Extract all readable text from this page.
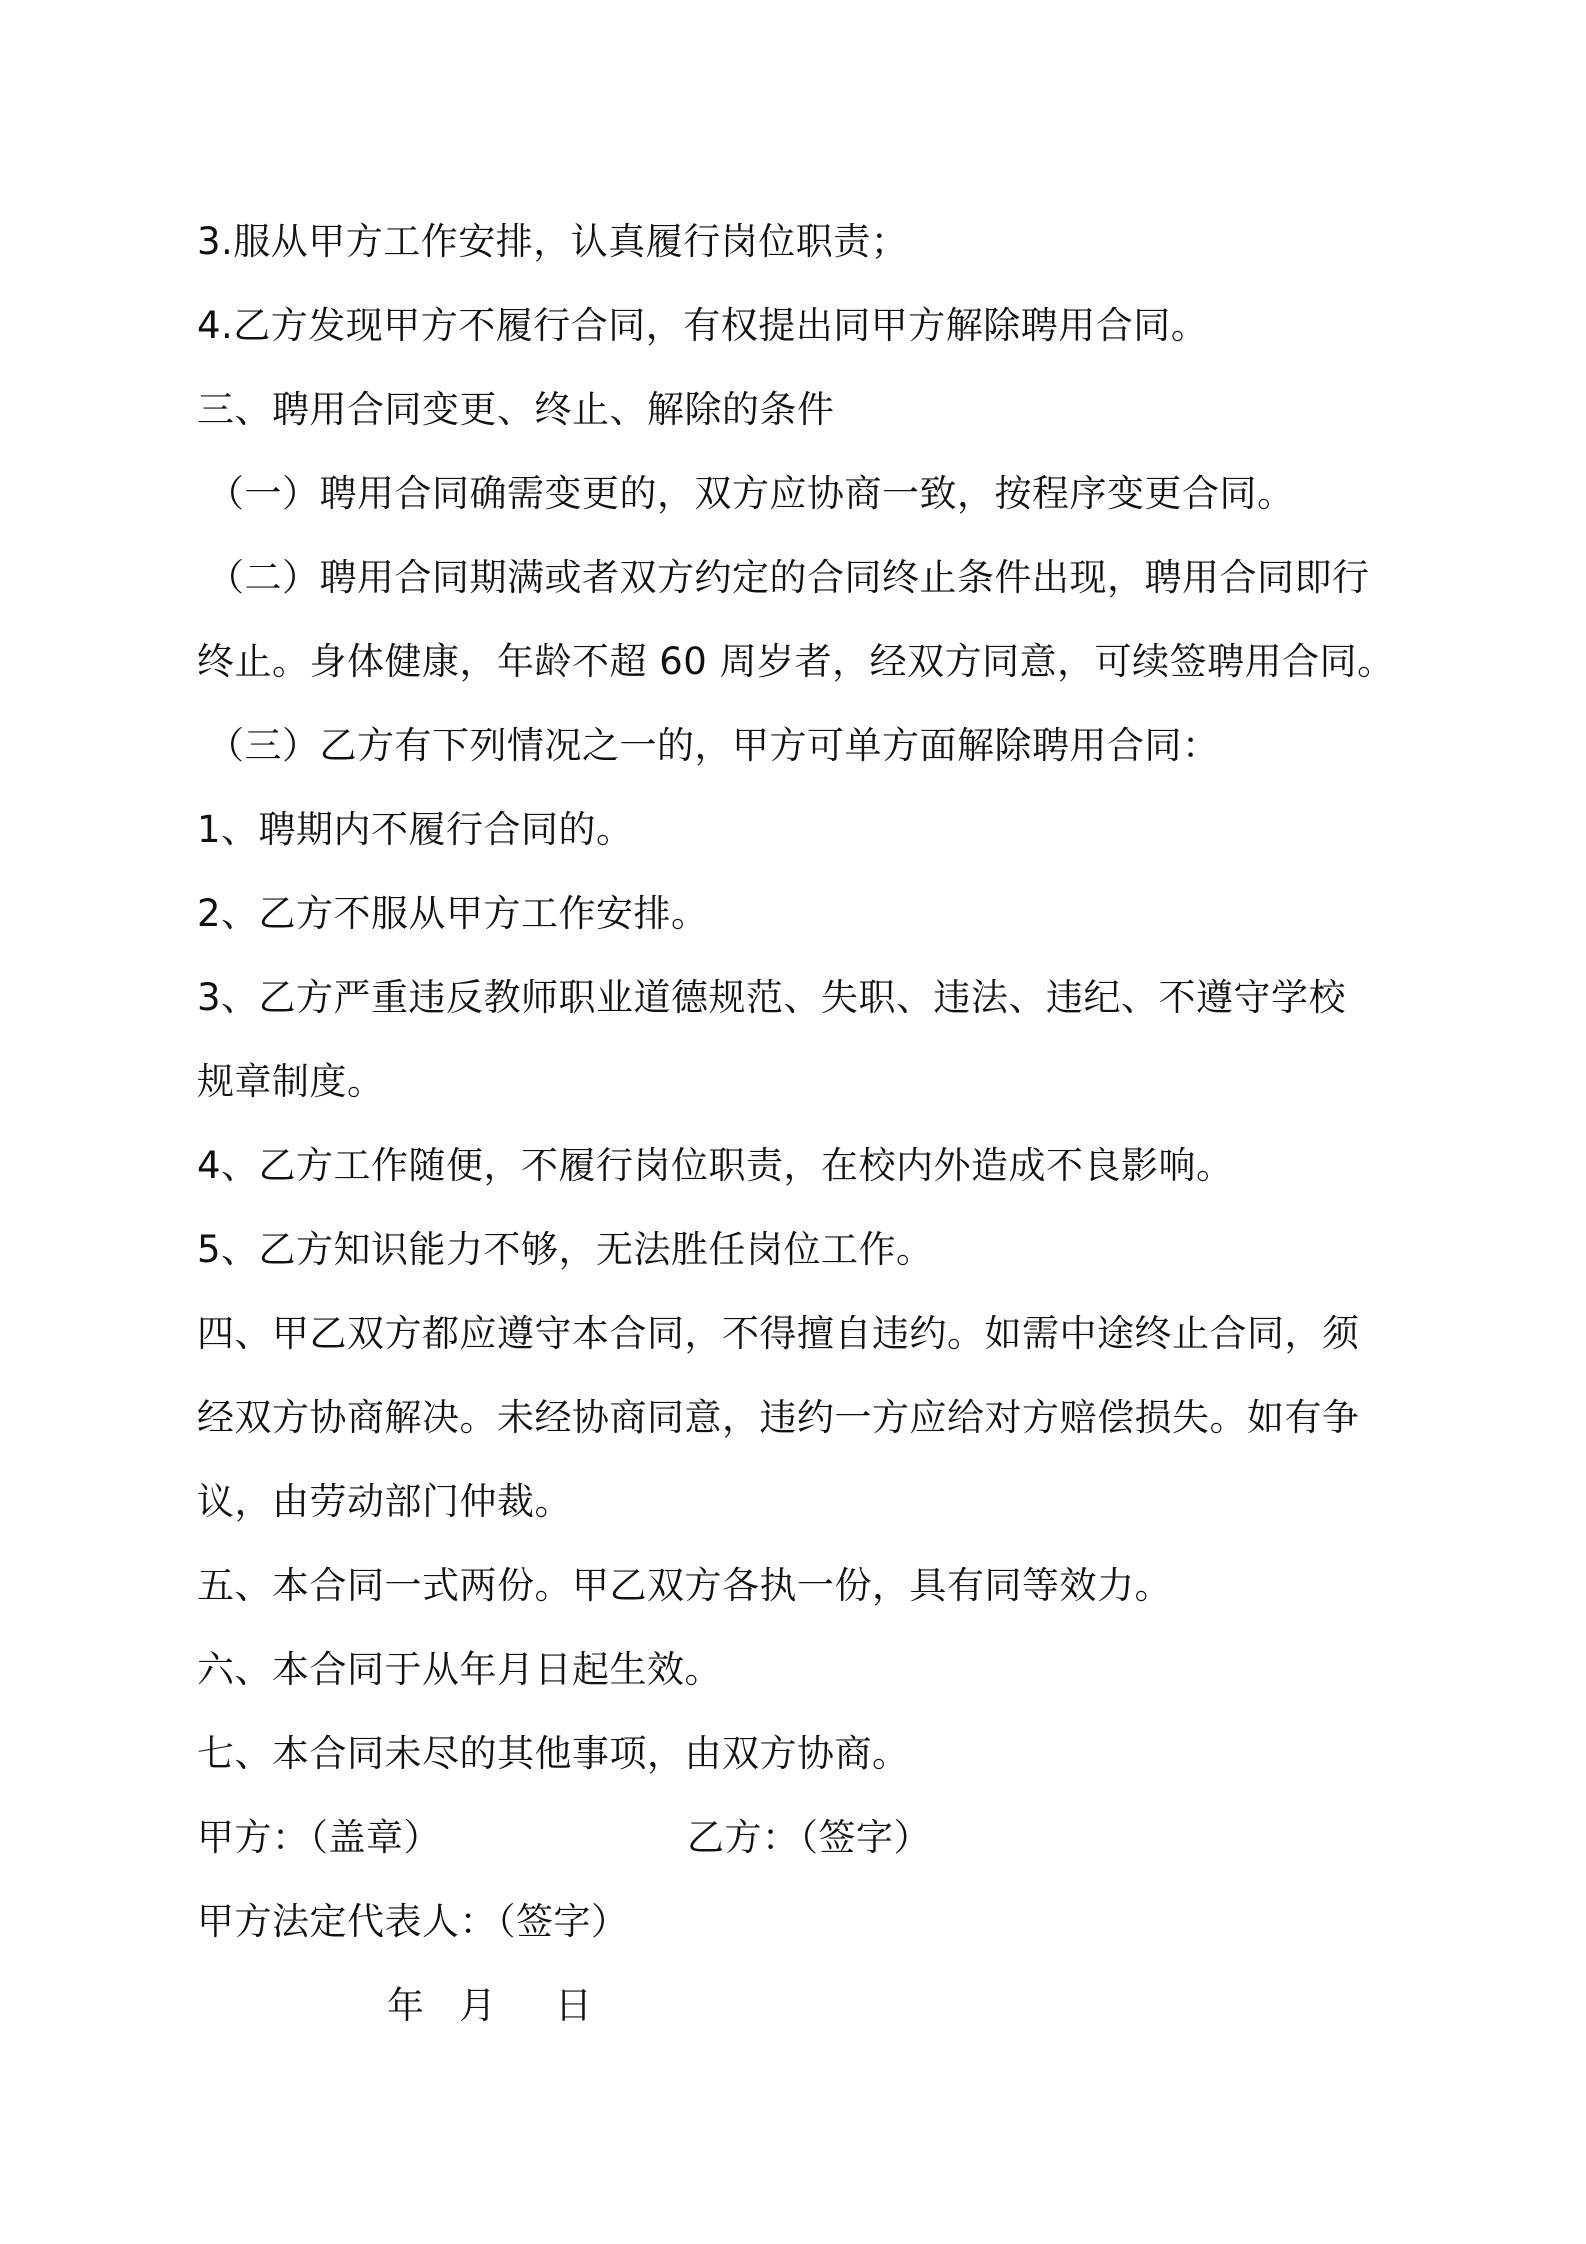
3.服从甲方工作安排，认真履行岗位职责；
4.乙方发现甲方不履行合同，有权提出同甲方解除聘用合同。
三、聘用合同变更、终止、解除的条件
（一）聘用合同确需变更的，双方应协商一致，按程序变更合同。
（二）聘用合同期满或者双方约定的合同终止条件出现，聘用合同即行
终止。身体健康，年龄不超 60 周岁者，经双方同意，可续签聘用合同。
（三）乙方有下列情况之一的，甲方可单方面解除聘用合同：
1、聘期内不履行合同的。
2、乙方不服从甲方工作安排。
3、乙方严重违反教师职业道德规范、失职、违法、违纪、不遵守学校
规章制度。
4、乙方工作随便，不履行岗位职责，在校内外造成不良影响。
5、乙方知识能力不够，无法胜任岗位工作。
四、甲乙双方都应遵守本合同，不得擅自违约。如需中途终止合同，须
经双方协商解决。未经协商同意，违约一方应给对方赔偿损失。如有争
议，由劳动部门仲裁。
五、本合同一式两份。甲乙双方各执一份，具有同等效力。
六、本合同于从年月日起生效。
七、本合同未尽的其他事项，由双方协商。
甲方：（盖章）	乙方：（签字）
甲方法定代表人：（签字）
年 月 日
